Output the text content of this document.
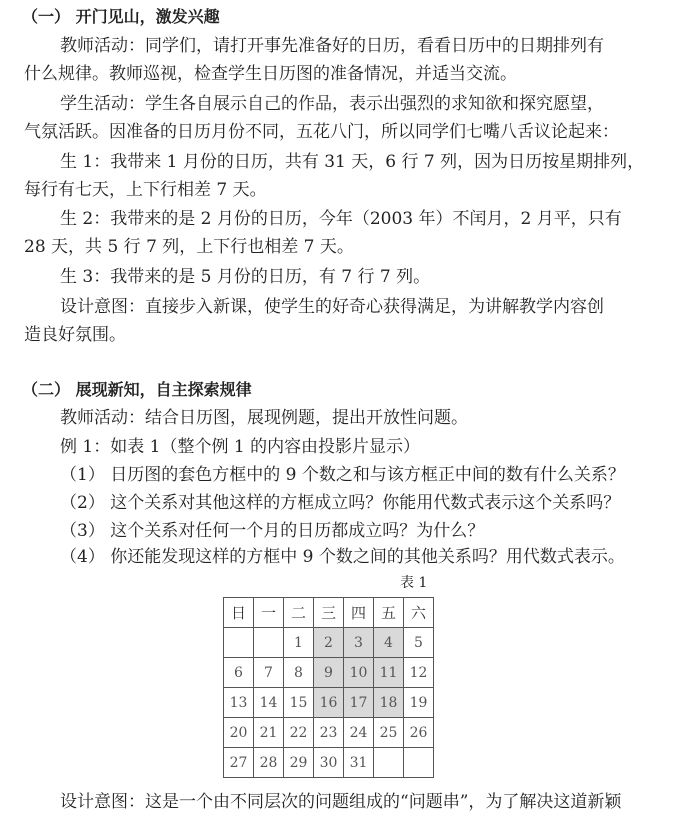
（一） 开门见山，激发兴趣
教师活动：同学们，请打开事先准备好的日历，看看日历中的日期排列有
什么规律。教师巡视，检查学生日历图的准备情况，并适当交流。
学生活动：学生各自展示自己的作品，表示出强烈的求知欲和探究愿望，
气氛活跃。因准备的日历月份不同，五花八门，所以同学们七嘴八舌议论起来：
生 1：我带来 1 月份的日历，共有 31 天，6 行 7 列，因为日历按星期排列，
每行有七天，上下行相差 7 天。
生 2：我带来的是 2 月份的日历，今年（2003 年）不闰月，2 月平，只有
28 天，共 5 行 7 列，上下行也相差 7 天。
生 3：我带来的是 5 月份的日历，有 7 行 7 列。
设计意图：直接步入新课，使学生的好奇心获得满足，为讲解教学内容创
造良好氛围。
（二） 展现新知，自主探索规律
教师活动：结合日历图，展现例题，提出开放性问题。
例 1：如表 1（整个例 1 的内容由投影片显示）
（1） 日历图的套色方框中的 9 个数之和与该方框正中间的数有什么关系？
（2） 这个关系对其他这样的方框成立吗？你能用代数式表示这个关系吗？
（3） 这个关系对任何一个月的日历都成立吗？为什么？
（4） 你还能发现这样的方框中 9 个数之间的其他关系吗？用代数式表示。
表 1
日	一	二	三	四	五	六
		1	2	3	4	5
6	7	8	9	10	11	12
13	14	15	16	17	18	19
20	21	22	23	24	25	26
27	28	29	30	31		
设计意图：这是一个由不同层次的问题组成的“问题串”，为了解决这道新颖
